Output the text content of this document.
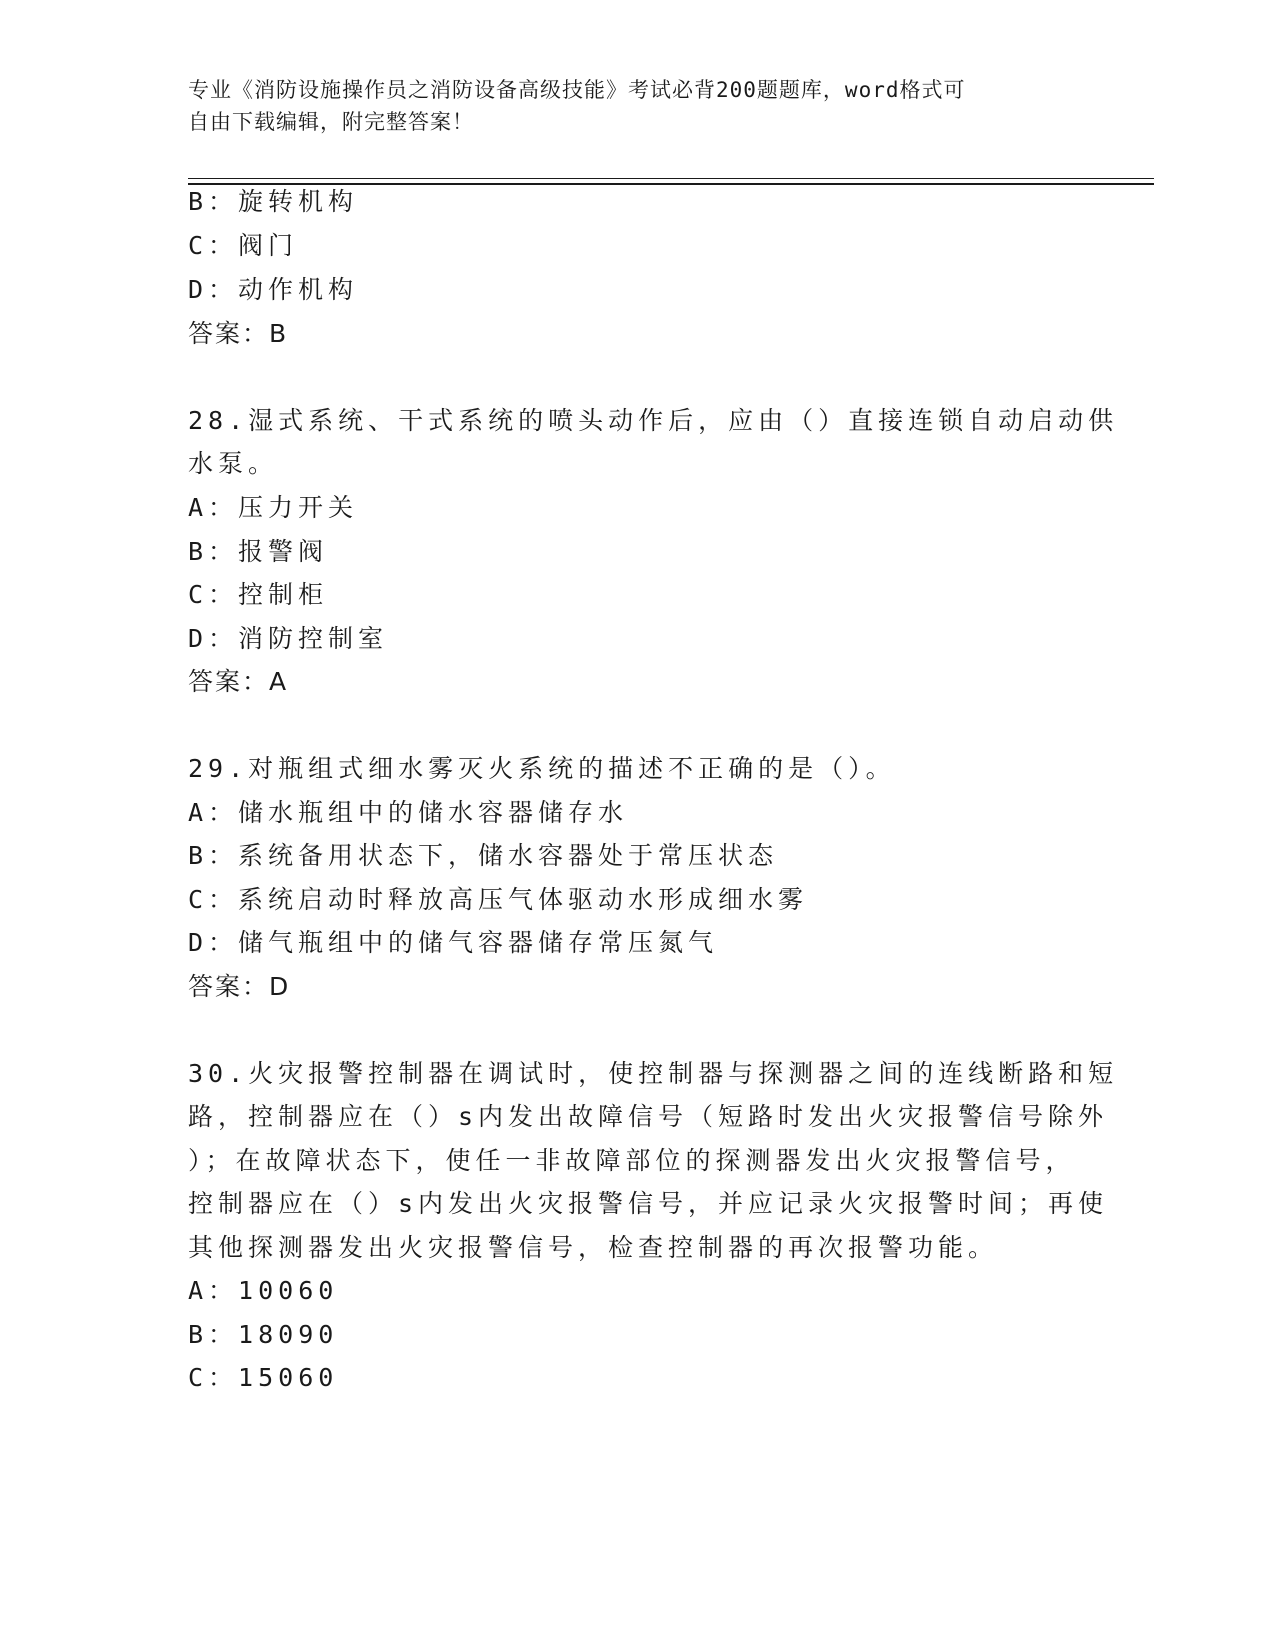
专业《消防设施操作员之消防设备高级技能》考试必背200题题库，word格式可
自由下载编辑，附完整答案！
B：旋转机构
C：阀门
D：动作机构
答案：B
28.湿式系统、干式系统的喷头动作后，应由（）直接连锁自动启动供
水泵。
A：压力开关
B：报警阀
C：控制柜
D：消防控制室
答案：A
29.对瓶组式细水雾灭火系统的描述不正确的是（）。
A：储水瓶组中的储水容器储存水
B：系统备用状态下，储水容器处于常压状态
C：系统启动时释放高压气体驱动水形成细水雾
D：储气瓶组中的储气容器储存常压氮气
答案：D
30.火灾报警控制器在调试时，使控制器与探测器之间的连线断路和短
路，控制器应在（）s内发出故障信号（短路时发出火灾报警信号除外
）；在故障状态下，使任一非故障部位的探测器发出火灾报警信号，
控制器应在（）s内发出火灾报警信号，并应记录火灾报警时间；再使
其他探测器发出火灾报警信号，检查控制器的再次报警功能。
A：10060
B：18090
C：15060
